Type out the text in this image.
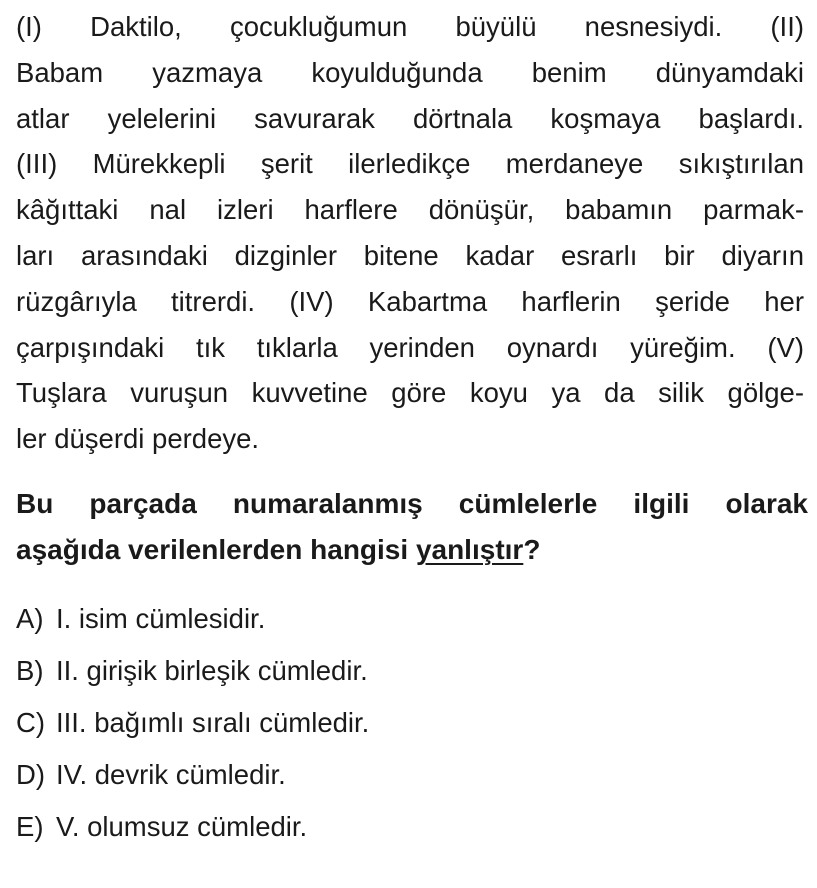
(I) Daktilo, çocukluğumun büyülü nesnesiydi. (II)
Babam yazmaya koyulduğunda benim dünyamdaki
atlar yelelerini savurarak dörtnala koşmaya başlardı.
(III) Mürekkepli şerit ilerledikçe merdaneye sıkıştırılan
kâğıttaki nal izleri harflere dönüşür, babamın parmak-
ları arasındaki dizginler bitene kadar esrarlı bir diyarın
rüzgârıyla titrerdi. (IV) Kabartma harflerin şeride her
çarpışındaki tık tıklarla yerinden oynardı yüreğim. (V)
Tuşlara vuruşun kuvvetine göre koyu ya da silik gölge-
ler düşerdi perdeye.
Bu parçada numaralanmış cümlelerle ilgili olarak
aşağıda verilenlerden hangisi yanlıştır?
A) I. isim cümlesidir.
B) II. girişik birleşik cümledir.
C) III. bağımlı sıralı cümledir.
D) IV. devrik cümledir.
E) V. olumsuz cümledir.
